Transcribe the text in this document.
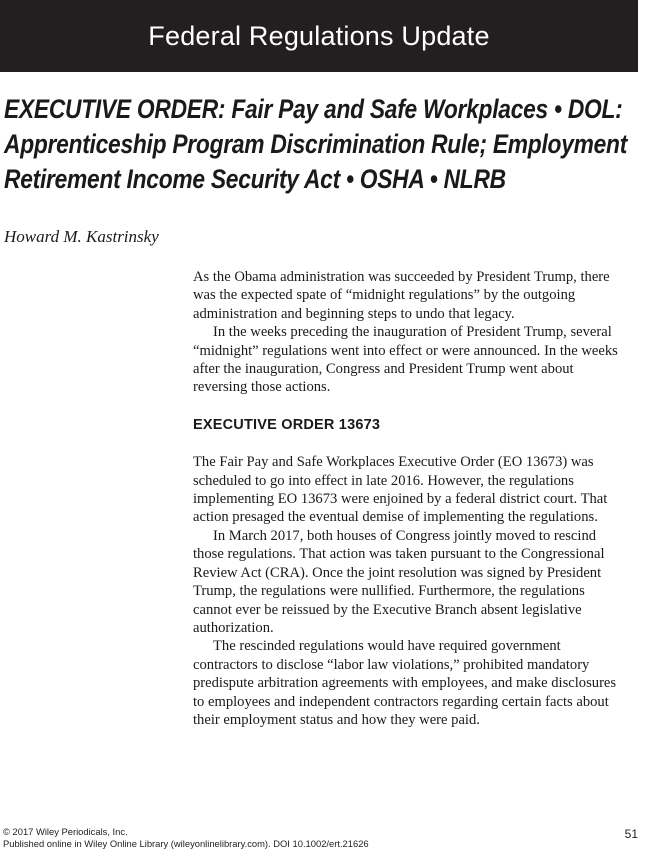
Federal Regulations Update
EXECUTIVE ORDER: Fair Pay and Safe Workplaces • DOL: Apprenticeship Program Discrimination Rule; Employment Retirement Income Security Act • OSHA • NLRB
Howard M. Kastrinsky

As the Obama administration was succeeded by President Trump, there was the expected spate of “midnight regulations” by the outgoing administration and beginning steps to undo that legacy.

In the weeks preceding the inauguration of President Trump, several “midnight” regulations went into effect or were announced. In the weeks after the inauguration, Congress and President Trump went about reversing those actions.

EXECUTIVE ORDER 13673

The Fair Pay and Safe Workplaces Executive Order (EO 13673) was scheduled to go into effect in late 2016. However, the regulations implementing EO 13673 were enjoined by a federal district court. That action presaged the eventual demise of implementing the regulations.

In March 2017, both houses of Congress jointly moved to rescind those regulations. That action was taken pursuant to the Congressional Review Act (CRA). Once the joint resolution was signed by President Trump, the regulations were nullified. Furthermore, the regulations cannot ever be reissued by the Executive Branch absent legislative authorization.

The rescinded regulations would have required government contractors to disclose “labor law violations,” prohibited mandatory predispute arbitration agreements with employees, and make disclosures to employees and independent contractors regarding certain facts about their employment status and how they were paid.

© 2017 Wiley Periodicals, Inc.
Published online in Wiley Online Library (wileyonlinelibrary.com). DOI 10.1002/ert.21626
51
